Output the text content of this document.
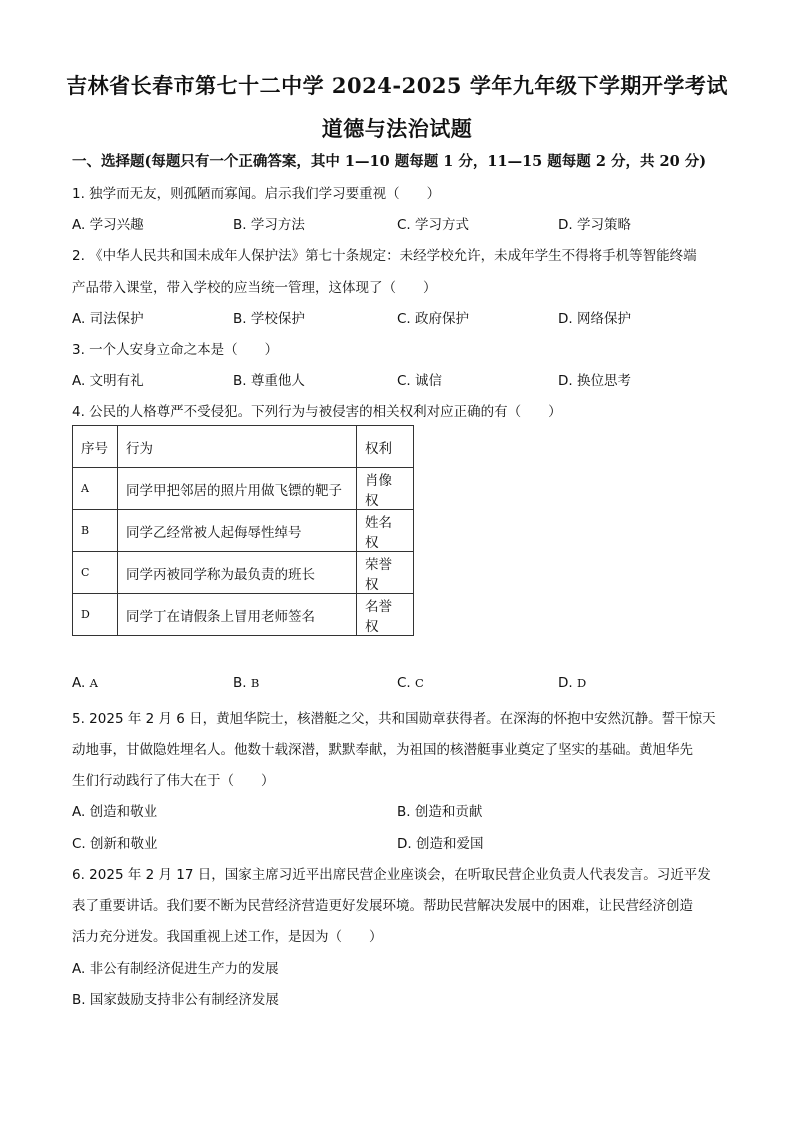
吉林省长春市第七十二中学 2024-2025 学年九年级下学期开学考试
道德与法治试题
一、选择题(每题只有一个正确答案，其中 1—10 题每题 1 分，11—15 题每题 2 分，共 20 分)
1. 独学而无友，则孤陋而寡闻。启示我们学习要重视（　　）
A. 学习兴趣	B. 学习方法	C. 学习方式	D. 学习策略
2. 《中华人民共和国未成年人保护法》第七十条规定：未经学校允许，未成年学生不得将手机等智能终端
产品带入课堂，带入学校的应当统一管理，这体现了（　　）
A. 司法保护	B. 学校保护	C. 政府保护	D. 网络保护
3. 一个人安身立命之本是（　　）
A. 文明有礼	B. 尊重他人	C. 诚信	D. 换位思考
4. 公民的人格尊严不受侵犯。下列行为与被侵害的相关权利对应正确的有（　　）
序号	行为	权利
A	同学甲把邻居的照片用做飞镖的靶子	肖像权
B	同学乙经常被人起侮辱性绰号	姓名权
C	同学丙被同学称为最负责的班长	荣誉权
D	同学丁在请假条上冒用老师签名	名誉权
A. A	B. B	C. C	D. D
5. 2025 年 2 月 6 日，黄旭华院士，核潜艇之父，共和国勋章获得者。在深海的怀抱中安然沉静。誓干惊天
动地事，甘做隐姓埋名人。他数十载深潜，默默奉献，为祖国的核潜艇事业奠定了坚实的基础。黄旭华先
生们行动践行了伟大在于（　　）
A. 创造和敬业	B. 创造和贡献
C. 创新和敬业	D. 创造和爱国
6. 2025 年 2 月 17 日，国家主席习近平出席民营企业座谈会，在听取民营企业负责人代表发言。习近平发
表了重要讲话。我们要不断为民营经济营造更好发展环境。帮助民营解决发展中的困难，让民营经济创造
活力充分迸发。我国重视上述工作，是因为（　　）
A. 非公有制经济促进生产力的发展
B. 国家鼓励支持非公有制经济发展
